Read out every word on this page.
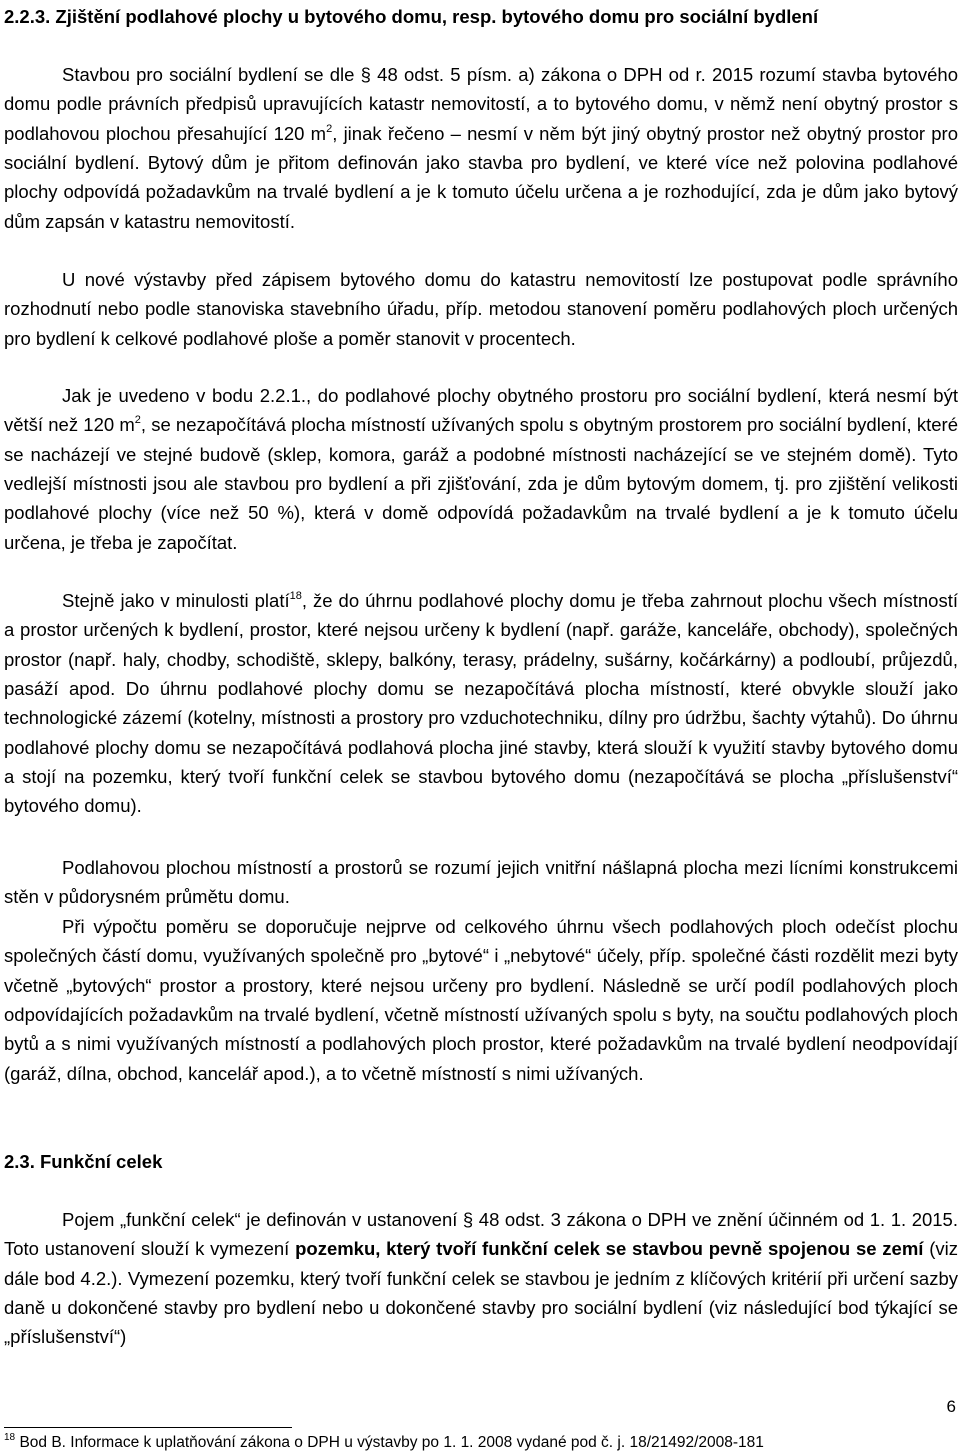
2.2.3. Zjištění podlahové plochy u bytového domu, resp. bytového domu pro sociální bydlení

Stavbou pro sociální bydlení se dle § 48 odst. 5 písm. a) zákona o DPH od r. 2015 rozumí stavba bytového domu podle právních předpisů upravujících katastr nemovitostí, a to bytového domu, v němž není obytný prostor s podlahovou plochou přesahující 120 $m^2$, jinak řečeno – nesmí v něm být jiný obytný prostor než obytný prostor pro sociální bydlení. Bytový dům je přitom definován jako stavba pro bydlení, ve které více než polovina podlahové plochy odpovídá požadavkům na trvalé bydlení a je k tomuto účelu určena a je rozhodující, zda je dům jako bytový dům zapsán v katastru nemovitostí.

U nové výstavby před zápisem bytového domu do katastru nemovitostí lze postupovat podle správního rozhodnutí nebo podle stanoviska stavebního úřadu, příp. metodou stanovení poměru podlahových ploch určených pro bydlení k celkové podlahové ploše a poměr stanovit v procentech.

Jak je uvedeno v bodu 2.2.1., do podlahové plochy obytného prostoru pro sociální bydlení, která nesmí být větší než 120 $m^2$, se nezapočítává plocha místností užívaných spolu s obytným prostorem pro sociální bydlení, které se nacházejí ve stejné budově (sklep, komora, garáž a podobné místnosti nacházející se ve stejném domě). Tyto vedlejší místnosti jsou ale stavbou pro bydlení a při zjišťování, zda je dům bytovým domem, tj. pro zjištění velikosti podlahové plochy (více než 50 %), která v domě odpovídá požadavkům na trvalé bydlení a je k tomuto účelu určena, je třeba je započítat.

Stejně jako v minulosti platí$^{18}$, že do úhrnu podlahové plochy domu je třeba zahrnout plochu všech místností a prostor určených k bydlení, prostor, které nejsou určeny k bydlení (např. garáže, kanceláře, obchody), společných prostor (např. haly, chodby, schodiště, sklepy, balkóny, terasy, prádelny, sušárny, kočárkárny) a podloubí, průjezdů, pasáží apod. Do úhrnu podlahové plochy domu se nezapočítává plocha místností, které obvykle slouží jako technologické zázemí (kotelny, místnosti a prostory pro vzduchotechniku, dílny pro údržbu, šachty výtahů). Do úhrnu podlahové plochy domu se nezapočítává podlahová plocha jiné stavby, která slouží k využití stavby bytového domu a stojí na pozemku, který tvoří funkční celek se stavbou bytového domu (nezapočítává se plocha „příslušenství“ bytového domu).

Podlahovou plochou místností a prostorů se rozumí jejich vnitřní nášlapná plocha mezi lícními konstrukcemi stěn v půdorysném průmětu domu.

Při výpočtu poměru se doporučuje nejprve od celkového úhrnu všech podlahových ploch odečíst plochu společných částí domu, využívaných společně pro „bytové“ i „nebytové“ účely, příp. společné části rozdělit mezi byty včetně „bytových“ prostor a prostory, které nejsou určeny pro bydlení. Následně se určí podíl podlahových ploch odpovídajících požadavkům na trvalé bydlení, včetně místností užívaných spolu s byty, na součtu podlahových ploch bytů a s nimi využívaných místností a podlahových ploch prostor, které požadavkům na trvalé bydlení neodpovídají (garáž, dílna, obchod, kancelář apod.), a to včetně místností s nimi užívaných.

2.3. Funkční celek

Pojem „funkční celek“ je definován v ustanovení § 48 odst. 3 zákona o DPH ve znění účinném od 1. 1. 2015. Toto ustanovení slouží k vymezení pozemku, který tvoří funkční celek se stavbou pevně spojenou se zemí (viz dále bod 4.2.). Vymezení pozemku, který tvoří funkční celek se stavbou je jedním z klíčových kritérií při určení sazby daně u dokončené stavby pro bydlení nebo u dokončené stavby pro sociální bydlení (viz následující bod týkající se „příslušenství“)

6
$^{18}$ Bod B. Informace k uplatňování zákona o DPH u výstavby po 1. 1. 2008 vydané pod č. j. 18/21492/2008-181
